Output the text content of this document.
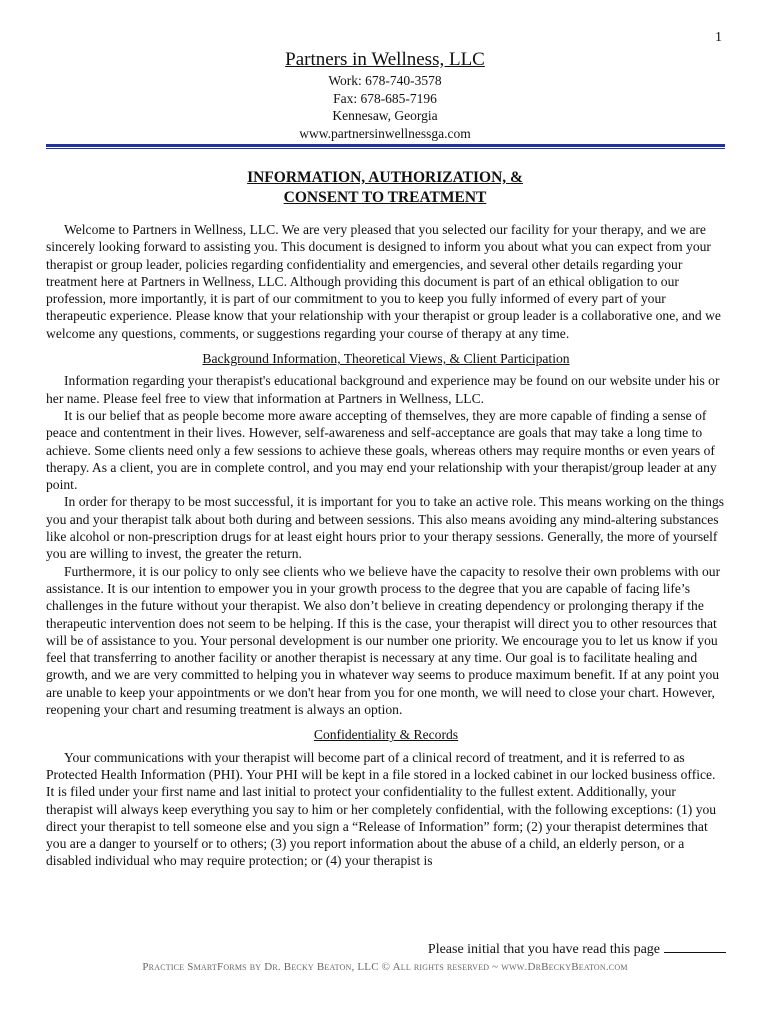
1
Partners in Wellness, LLC
Work: 678-740-3578
Fax: 678-685-7196
Kennesaw, Georgia
www.partnersinwellnessga.com
INFORMATION, AUTHORIZATION, &
CONSENT TO TREATMENT

Welcome to Partners in Wellness, LLC. We are very pleased that you selected our facility for your therapy, and we are sincerely looking forward to assisting you. This document is designed to inform you about what you can expect from your therapist or group leader, policies regarding confidentiality and emergencies, and several other details regarding your treatment here at Partners in Wellness, LLC. Although providing this document is part of an ethical obligation to our profession, more importantly, it is part of our commitment to you to keep you fully informed of every part of your therapeutic experience. Please know that your relationship with your therapist or group leader is a collaborative one, and we welcome any questions, comments, or suggestions regarding your course of therapy at any time.

Background Information, Theoretical Views, & Client Participation

Information regarding your therapist's educational background and experience may be found on our website under his or her name. Please feel free to view that information at Partners in Wellness, LLC.

It is our belief that as people become more aware accepting of themselves, they are more capable of finding a sense of peace and contentment in their lives. However, self-awareness and self-acceptance are goals that may take a long time to achieve. Some clients need only a few sessions to achieve these goals, whereas others may require months or even years of therapy. As a client, you are in complete control, and you may end your relationship with your therapist/group leader at any point.

In order for therapy to be most successful, it is important for you to take an active role. This means working on the things you and your therapist talk about both during and between sessions. This also means avoiding any mind-altering substances like alcohol or non-prescription drugs for at least eight hours prior to your therapy sessions. Generally, the more of yourself you are willing to invest, the greater the return.

Furthermore, it is our policy to only see clients who we believe have the capacity to resolve their own problems with our assistance. It is our intention to empower you in your growth process to the degree that you are capable of facing life’s challenges in the future without your therapist. We also don’t believe in creating dependency or prolonging therapy if the therapeutic intervention does not seem to be helping. If this is the case, your therapist will direct you to other resources that will be of assistance to you. Your personal development is our number one priority. We encourage you to let us know if you feel that transferring to another facility or another therapist is necessary at any time. Our goal is to facilitate healing and growth, and we are very committed to helping you in whatever way seems to produce maximum benefit. If at any point you are unable to keep your appointments or we don't hear from you for one month, we will need to close your chart. However, reopening your chart and resuming treatment is always an option.

Confidentiality & Records

Your communications with your therapist will become part of a clinical record of treatment, and it is referred to as Protected Health Information (PHI). Your PHI will be kept in a file stored in a locked cabinet in our locked business office. It is filed under your first name and last initial to protect your confidentiality to the fullest extent. Additionally, your therapist will always keep everything you say to him or her completely confidential, with the following exceptions: (1) you direct your therapist to tell someone else and you sign a “Release of Information” form; (2) your therapist determines that you are a danger to yourself or to others; (3) you report information about the abuse of a child, an elderly person, or a disabled individual who may require protection; or (4) your therapist is

Please initial that you have read this page
Practice SmartForms by Dr. Becky Beaton, LLC © All rights reserved ~ www.DrBeckyBeaton.com
